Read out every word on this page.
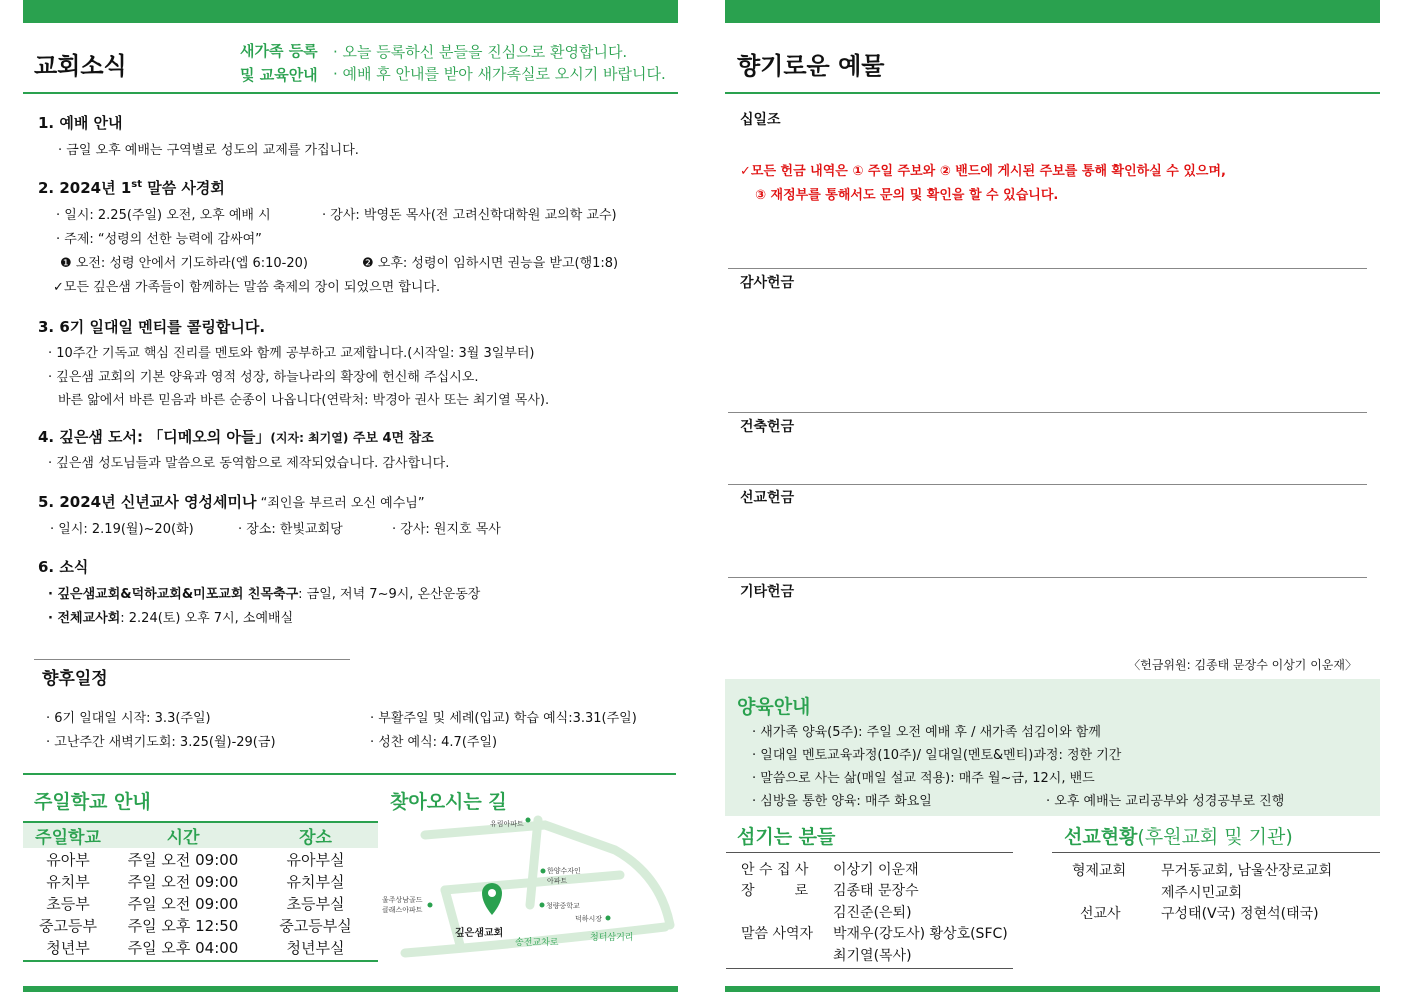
교회소식
새가족 등록
및 교육안내
· 오늘 등록하신 분들을 진심으로 환영합니다.
· 예배 후 안내를 받아 새가족실로 오시기 바랍니다.
1. 예배 안내
· 금일 오후 예배는 구역별로 성도의 교제를 가집니다.
2. 2024년 1st 말씀 사경회
· 일시: 2.25(주일) 오전, 오후 예배 시	· 강사: 박영돈 목사(전 고려신학대학원 교의학 교수)
· 주제: “성령의 선한 능력에 감싸여”
❶ 오전: 성령 안에서 기도하라(엡 6:10-20)	❷ 오후: 성령이 임하시면 권능을 받고(행1:8)
✓모든 깊은샘 가족들이 함께하는 말씀 축제의 장이 되었으면 합니다.
3. 6기 일대일 멘티를 콜링합니다.
· 10주간 기독교 핵심 진리를 멘토와 함께 공부하고 교제합니다.(시작일: 3월 3일부터)
· 깊은샘 교회의 기본 양육과 영적 성장, 하늘나라의 확장에 헌신해 주십시오.
바른 앎에서 바른 믿음과 바른 순종이 나옵니다(연락처: 박경아 권사 또는 최기열 목사).
4. 깊은샘 도서: 「디메오의 아들」(지자: 최기열) 주보 4면 참조
· 깊은샘 성도님들과 말씀으로 동역함으로 제작되었습니다. 감사합니다.
5. 2024년 신년교사 영성세미나 “죄인을 부르러 오신 예수님”
· 일시: 2.19(월)~20(화)	· 장소: 한빛교회당	· 강사: 원지호 목사
6. 소식
· 깊은샘교회&덕하교회&미포교회 친목축구: 금일, 저녁 7~9시, 온산운동장
· 전체교사회: 2.24(토) 오후 7시, 소예배실
향후일정
· 6기 일대일 시작: 3.3(주일)
· 고난주간 새벽기도회: 3.25(월)-29(금)
· 부활주일 및 세례(입교) 학습 예식:3.31(주일)
· 성찬 예식: 4.7(주일)
주일학교 안내
주일학교	시간	장소
유아부	주일 오전 09:00	유아부실
유치부	주일 오전 09:00	유치부실
초등부	주일 오전 09:00	초등부실
중고등부	주일 오후 12:50	중고등부실
청년부	주일 오후 04:00	청년부실
찾아오시는 길
유림아파트
한양수자인
아파트
청량중학교
덕하시장
울주상남골드
클래스아파트
깊은샘교회
송전교차로	청터삼거리
향기로운 예물
십일조
✓모든 헌금 내역은 ① 주일 주보와 ② 밴드에 게시된 주보를 통해 확인하실 수 있으며,
③ 재정부를 통해서도 문의 및 확인을 할 수 있습니다.
감사헌금
건축헌금
선교헌금
기타헌금
〈헌금위원: 김종태 문장수 이상기 이운재〉
양육안내
· 새가족 양육(5주): 주일 오전 예배 후 / 새가족 섬김이와 함께
· 일대일 멘토교육과정(10주)/ 일대일(멘토&멘티)과정: 정한 기간
· 말씀으로 사는 삶(매일 설교 적용): 매주 월~금, 12시, 밴드
· 심방을 통한 양육: 매주 화요일	· 오후 예배는 교리공부와 성경공부로 진행
섬기는 분들
안 수 집 사 이상기 이운재
장         로 김종태 문장수
김진준(은퇴)
말씀 사역자 박재우(강도사) 황상호(SFC)
최기열(목사)
선교현황(후원교회 및 기관)
형제교회 무거동교회, 남울산장로교회
제주시민교회
선교사	구성태(V국) 정현석(태국)
